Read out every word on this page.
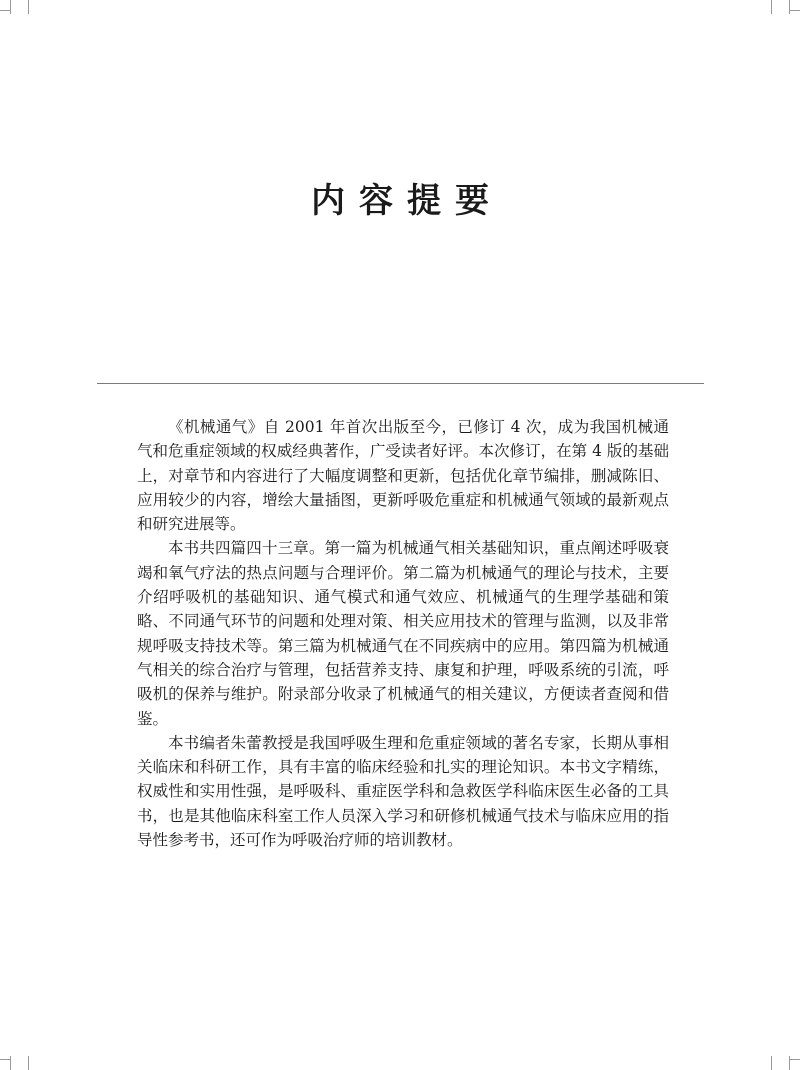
内容提要

《机械通气》自 2001 年首次出版至今，已修订 4 次，成为我国机械通气和危重症领域的权威经典著作，广受读者好评。本次修订，在第 4 版的基础上，对章节和内容进行了大幅度调整和更新，包括优化章节编排，删减陈旧、应用较少的内容，增绘大量插图，更新呼吸危重症和机械通气领域的最新观点和研究进展等。

本书共四篇四十三章。第一篇为机械通气相关基础知识，重点阐述呼吸衰竭和氧气疗法的热点问题与合理评价。第二篇为机械通气的理论与技术，主要介绍呼吸机的基础知识、通气模式和通气效应、机械通气的生理学基础和策略、不同通气环节的问题和处理对策、相关应用技术的管理与监测，以及非常规呼吸支持技术等。第三篇为机械通气在不同疾病中的应用。第四篇为机械通气相关的综合治疗与管理，包括营养支持、康复和护理，呼吸系统的引流，呼吸机的保养与维护。附录部分收录了机械通气的相关建议，方便读者查阅和借鉴。

本书编者朱蕾教授是我国呼吸生理和危重症领域的著名专家，长期从事相关临床和科研工作，具有丰富的临床经验和扎实的理论知识。本书文字精练，权威性和实用性强，是呼吸科、重症医学科和急救医学科临床医生必备的工具书，也是其他临床科室工作人员深入学习和研修机械通气技术与临床应用的指导性参考书，还可作为呼吸治疗师的培训教材。
